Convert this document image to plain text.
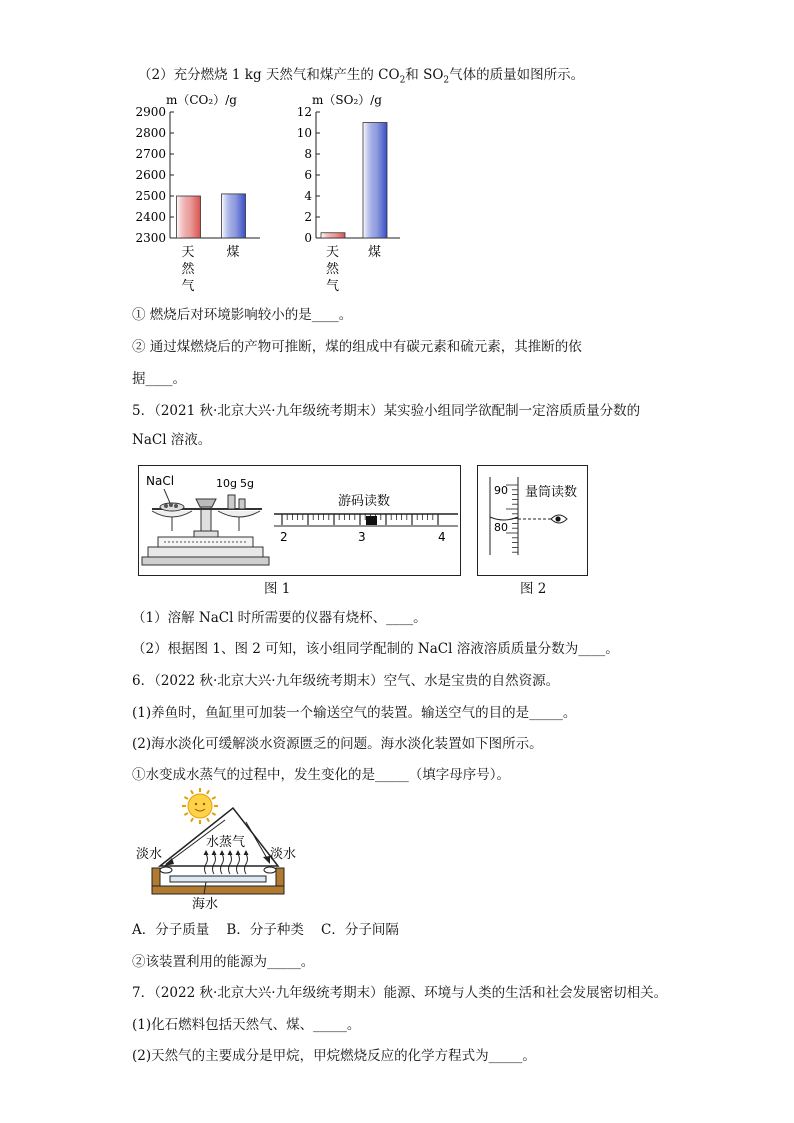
（2）充分燃烧 1 kg 天然气和煤产生的 $CO_2$和 $SO_2$气体的质量如图所示。
m（CO₂）/g
2300
2400
2500
2600
2700
2800
2900
天
然
气
煤
m（SO₂）/g
0
2
4
6
8
10
12
天
然
气
煤
① 燃烧后对环境影响较小的是____。
② 通过煤燃烧后的产物可推断，煤的组成中有碳元素和硫元素，其推断的依
据____。
5．（2021 秋·北京大兴·九年级统考期末）某实验小组同学欲配制一定溶质质量分数的
NaCl 溶液。
NaCl	10g 5g
游码读数
2	3	4
图 1
90
80
量筒读数
图 2
（1）溶解 NaCl 时所需要的仪器有烧杯、____。
（2）根据图 1、图 2 可知，该小组同学配制的 NaCl 溶液溶质质量分数为____。
6．（2022 秋·北京大兴·九年级统考期末）空气、水是宝贵的自然资源。
(1)养鱼时，鱼缸里可加装一个输送空气的装置。输送空气的目的是_____。
(2)海水淡化可缓解淡水资源匮乏的问题。海水淡化装置如下图所示。
①水变成水蒸气的过程中，发生变化的是_____（填字母序号）。
水蒸气
淡水	淡水
海水
A．分子质量    B．分子种类    C．分子间隔
②该装置利用的能源为_____。
7．（2022 秋·北京大兴·九年级统考期末）能源、环境与人类的生活和社会发展密切相关。
(1)化石燃料包括天然气、煤、_____。
(2)天然气的主要成分是甲烷，甲烷燃烧反应的化学方程式为_____。
